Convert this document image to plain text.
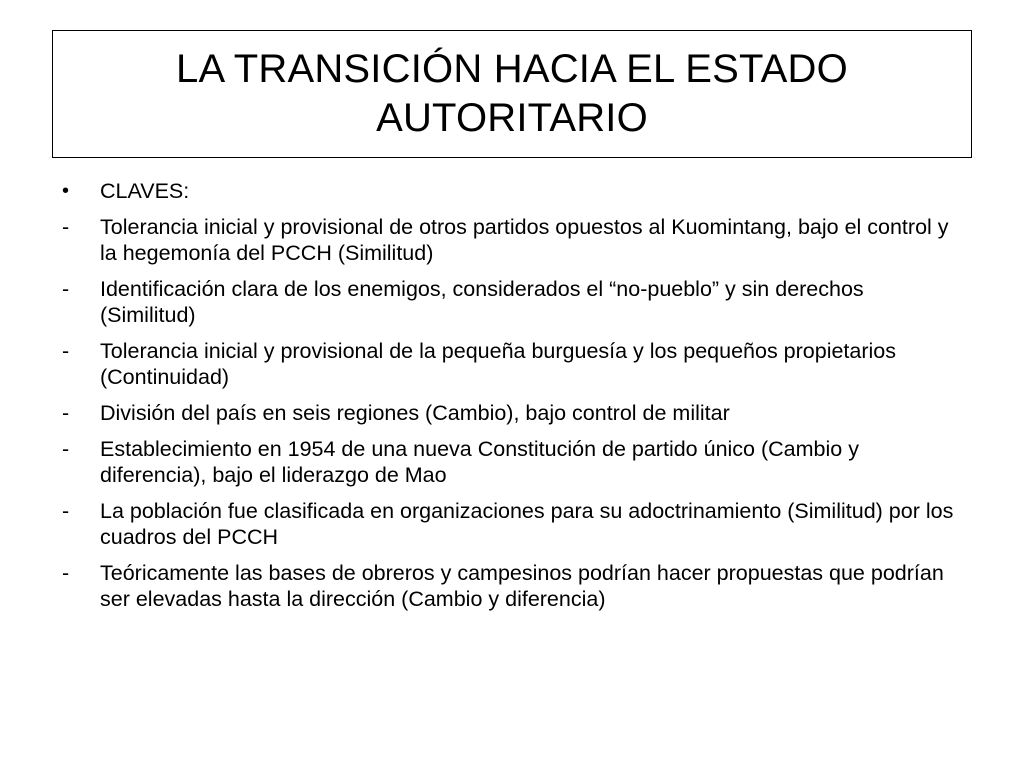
LA TRANSICIÓN HACIA EL ESTADO AUTORITARIO
•	CLAVES:
-	Tolerancia inicial y provisional de otros partidos opuestos al Kuomintang, bajo el control y la hegemonía del PCCH (Similitud)
-	Identificación clara de los enemigos, considerados el “no-pueblo” y sin derechos (Similitud)
-	Tolerancia inicial y provisional de la pequeña burguesía y los pequeños propietarios (Continuidad)
-	División del país en seis regiones (Cambio), bajo control de militar
-	Establecimiento en 1954 de una nueva Constitución de partido único (Cambio y diferencia), bajo el liderazgo de Mao
-	La población fue clasificada en organizaciones para su adoctrinamiento (Similitud) por los cuadros del PCCH
-	Teóricamente las bases de obreros y campesinos podrían hacer propuestas que podrían ser elevadas hasta la dirección (Cambio y diferencia)
